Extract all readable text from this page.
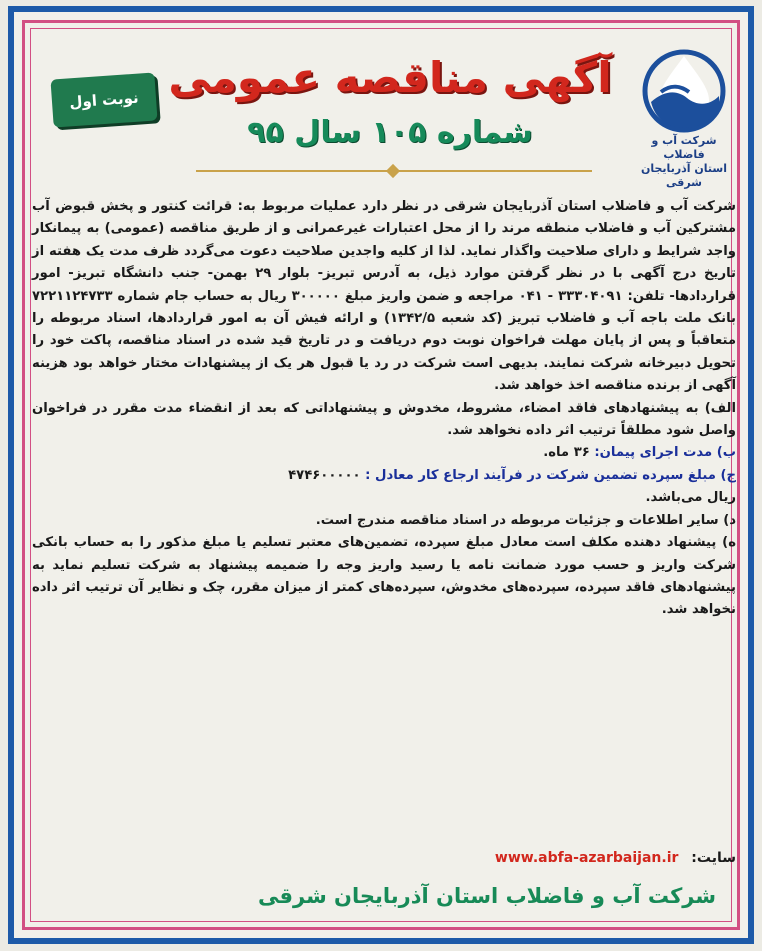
شرکت آب و فاضلاب
استان آذربایجان شرقی
نوبت اول آگهی مناقصه عمومی
شماره ۱۰۵ سال ۹۵

شرکت آب و فاضلاب استان آذربایجان شرقی در نظر دارد عملیات مربوط به: قرائت کنتور و پخش قبوض آب مشترکین آب و فاضلاب منطقه مرند را از محل اعتبارات غیرعمرانی و از طریق مناقصه (عمومی) به پیمانکار واجد شرایط و دارای صلاحیت واگذار نماید. لذا از کلیه واجدین صلاحیت دعوت می‌گردد ظرف مدت یک هفته از تاریخ درج آگهی با در نظر گرفتن موارد ذیل، به آدرس تبریز- بلوار ۲۹ بهمن- جنب دانشگاه تبریز- امور قراردادها- تلفن: ۳۳۳۰۴۰۹۱ - ۰۴۱ مراجعه و ضمن واریز مبلغ ۳۰۰۰۰۰ ریال به حساب جام شماره ۷۲۲۱۱۲۴۷۳۳ بانک ملت باجه آب و فاضلاب تبریز (کد شعبه ۱۳۴۲/۵) و ارائه فیش آن به امور قراردادها، اسناد مربوطه را متعاقباً و پس از پایان مهلت فراخوان نوبت دوم دریافت و در تاریخ قید شده در اسناد مناقصه، پاکت خود را تحویل دبیرخانه شرکت نمایند. بدیهی است شرکت در رد یا قبول هر یک از پیشنهادات مختار خواهد بود هزینه آگهی از برنده مناقصه اخذ خواهد شد.

الف) به پیشنهادهای فاقد امضاء، مشروط، مخدوش و پیشنهاداتی که بعد از انقضاء مدت مقرر در فراخوان واصل شود مطلقاً ترتیب اثر داده نخواهد شد.

ب) مدت اجرای پیمان: ۳۶ ماه.

ج) مبلغ سپرده تضمین شرکت در فرآیند ارجاع کار معادل : ۴۷۴۶۰۰۰۰۰
ریال می‌باشد.

د) سایر اطلاعات و جزئیات مربوطه در اسناد مناقصه مندرج است.

ه) پیشنهاد دهنده مکلف است معادل مبلغ سپرده، تضمین‌های معتبر تسلیم یا مبلغ مذکور را به حساب بانکی شرکت واریز و حسب مورد ضمانت نامه یا رسید واریز وجه را ضمیمه پیشنهاد به شرکت تسلیم نماید به پیشنهادهای فاقد سپرده، سپرده‌های مخدوش، سپرده‌های کمتر از میزان مقرر، چک و نظایر آن ترتیب اثر داده نخواهد شد.

سایت: www.abfa-azarbaijan.ir
شرکت آب و فاضلاب استان آذربایجان شرقی
